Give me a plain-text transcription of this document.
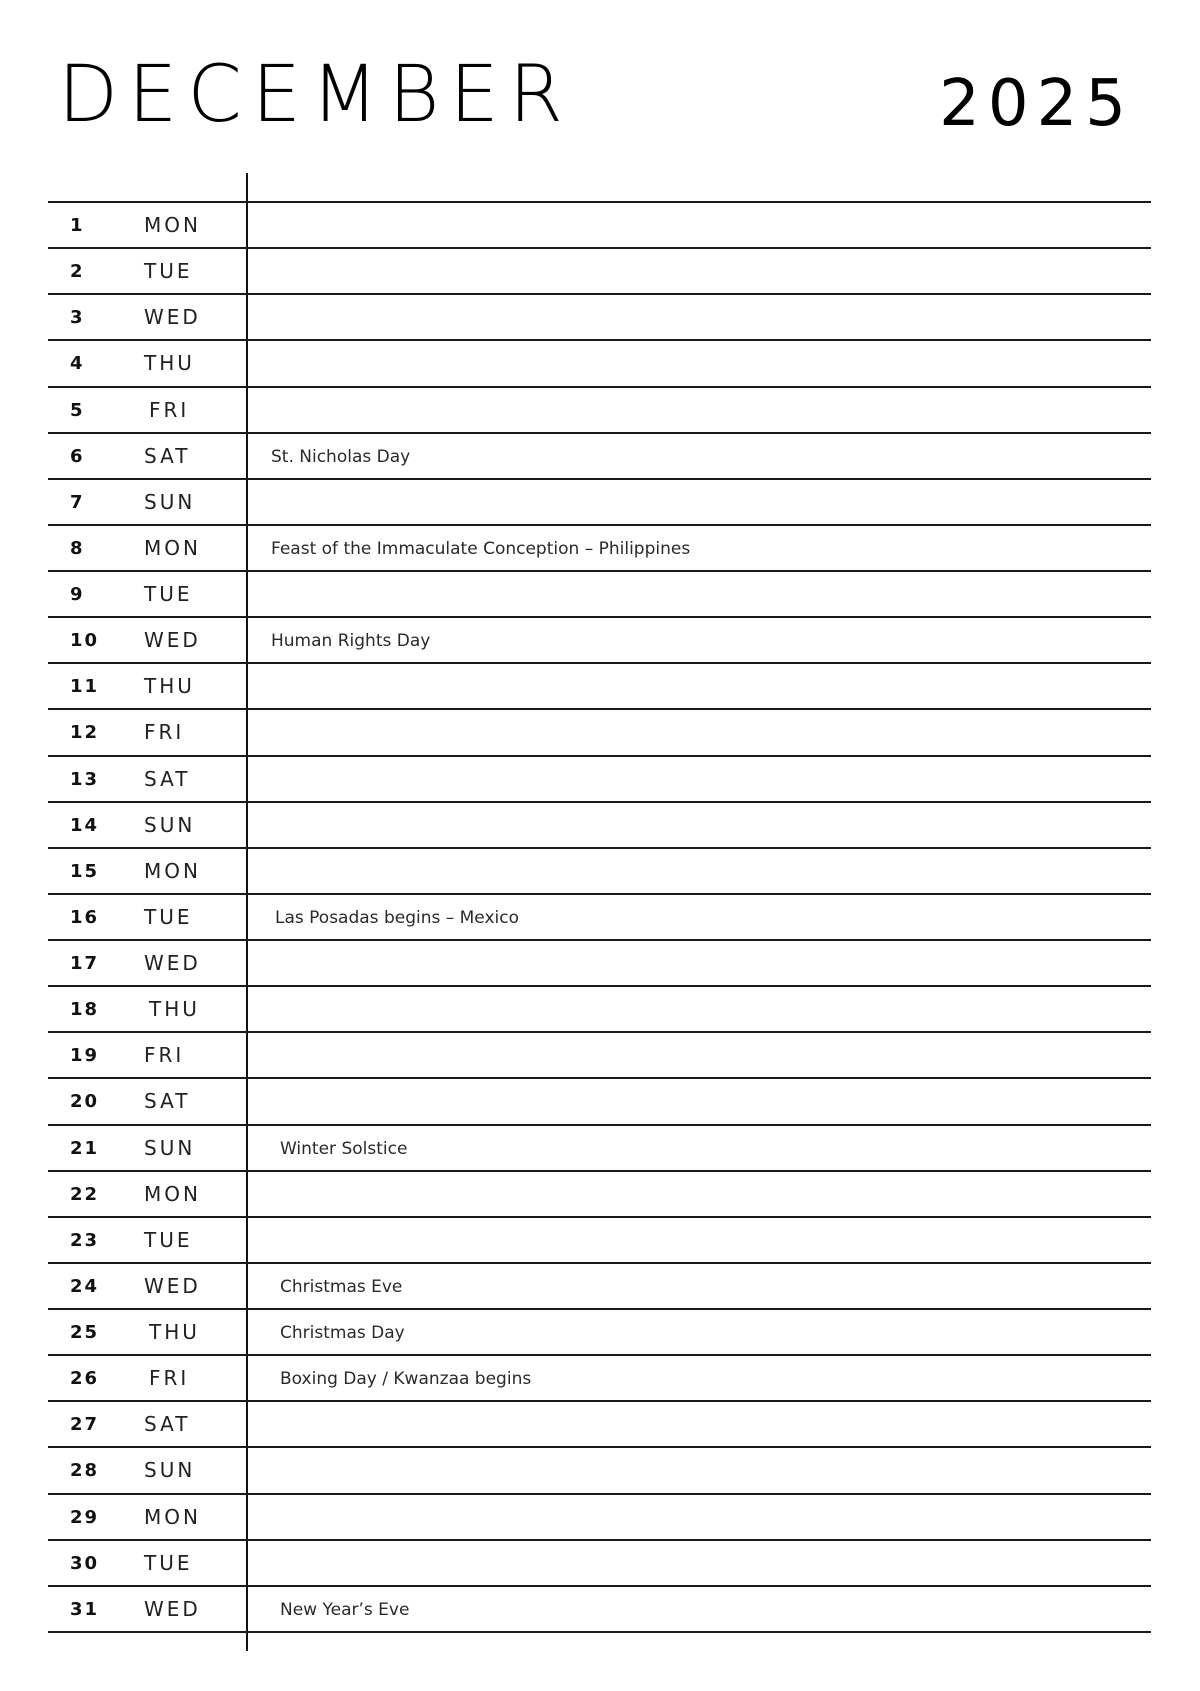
DECEMBER	2025
1	MON
2	TUE
3	WED
4	THU
5	FRI
6	SAT	St. Nicholas Day
7	SUN
8	MON	Feast of the Immaculate Conception – Philippines
9	TUE
10	WED	Human Rights Day
11	THU
12	FRI
13	SAT
14	SUN
15	MON
16	TUE	Las Posadas begins – Mexico
17	WED
18	THU
19	FRI
20	SAT
21	SUN	Winter Solstice
22	MON
23	TUE
24	WED	Christmas Eve
25	THU	Christmas Day
26	FRI	Boxing Day / Kwanzaa begins
27	SAT
28	SUN
29	MON
30	TUE
31	WED	New Year’s Eve
